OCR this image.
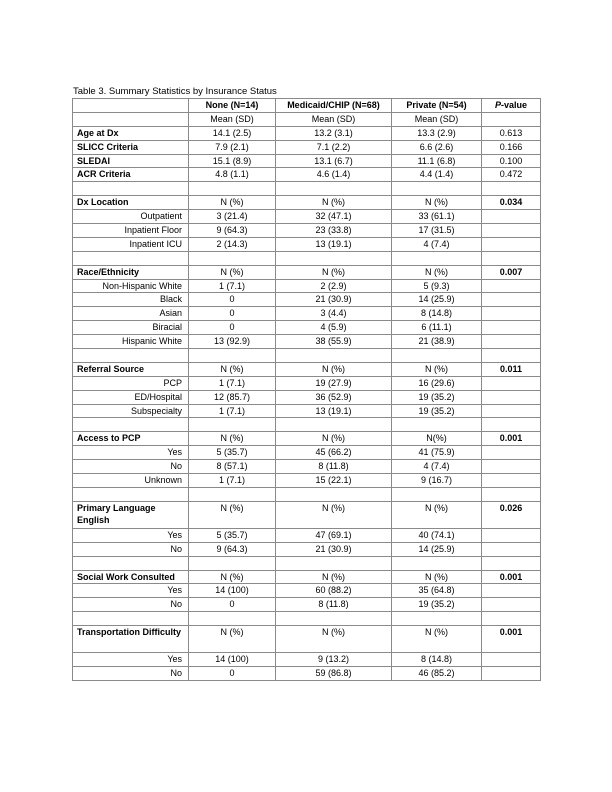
Table 3. Summary Statistics by Insurance Status
	None (N=14)	Medicaid/CHIP (N=68)	Private (N=54)	P-value
	Mean (SD)	Mean (SD)	Mean (SD)	
Age at Dx	14.1 (2.5)	13.2 (3.1)	13.3 (2.9)	0.613
SLICC Criteria	7.9 (2.1)	7.1 (2.2)	6.6 (2.6)	0.166
SLEDAI	15.1 (8.9)	13.1 (6.7)	11.1 (6.8)	0.100
ACR Criteria	4.8 (1.1)	4.6 (1.4)	4.4 (1.4)	0.472

Dx Location	N (%)	N (%)	N (%)	0.034
Outpatient	3 (21.4)	32 (47.1)	33 (61.1)	
Inpatient Floor	9 (64.3)	23 (33.8)	17 (31.5)	
Inpatient ICU	2 (14.3)	13 (19.1)	4 (7.4)	

Race/Ethnicity	N (%)	N (%)	N (%)	0.007
Non-Hispanic White	1 (7.1)	2 (2.9)	5 (9.3)	
Black	0	21 (30.9)	14 (25.9)	
Asian	0	3 (4.4)	8 (14.8)	
Biracial	0	4 (5.9)	6 (11.1)	
Hispanic White	13 (92.9)	38 (55.9)	21 (38.9)	

Referral Source	N (%)	N (%)	N (%)	0.011
PCP	1 (7.1)	19 (27.9)	16 (29.6)	
ED/Hospital	12 (85.7)	36 (52.9)	19 (35.2)	
Subspecialty	1 (7.1)	13 (19.1)	19 (35.2)	

Access to PCP	N (%)	N (%)	N(%)	0.001
Yes	5 (35.7)	45 (66.2)	41 (75.9)	
No	8 (57.1)	8 (11.8)	4 (7.4)	
Unknown	1 (7.1)	15 (22.1)	9 (16.7)	

Primary Language English	N (%)	N (%)	N (%)	0.026
Yes	5 (35.7)	47 (69.1)	40 (74.1)	
No	9 (64.3)	21 (30.9)	14 (25.9)	

Social Work Consulted	N (%)	N (%)	N (%)	0.001
Yes	14 (100)	60 (88.2)	35 (64.8)	
No	0	8 (11.8)	19 (35.2)	

Transportation Difficulty	N (%)	N (%)	N (%)	0.001
Yes	14 (100)	9 (13.2)	8 (14.8)	
No	0	59 (86.8)	46 (85.2)	
